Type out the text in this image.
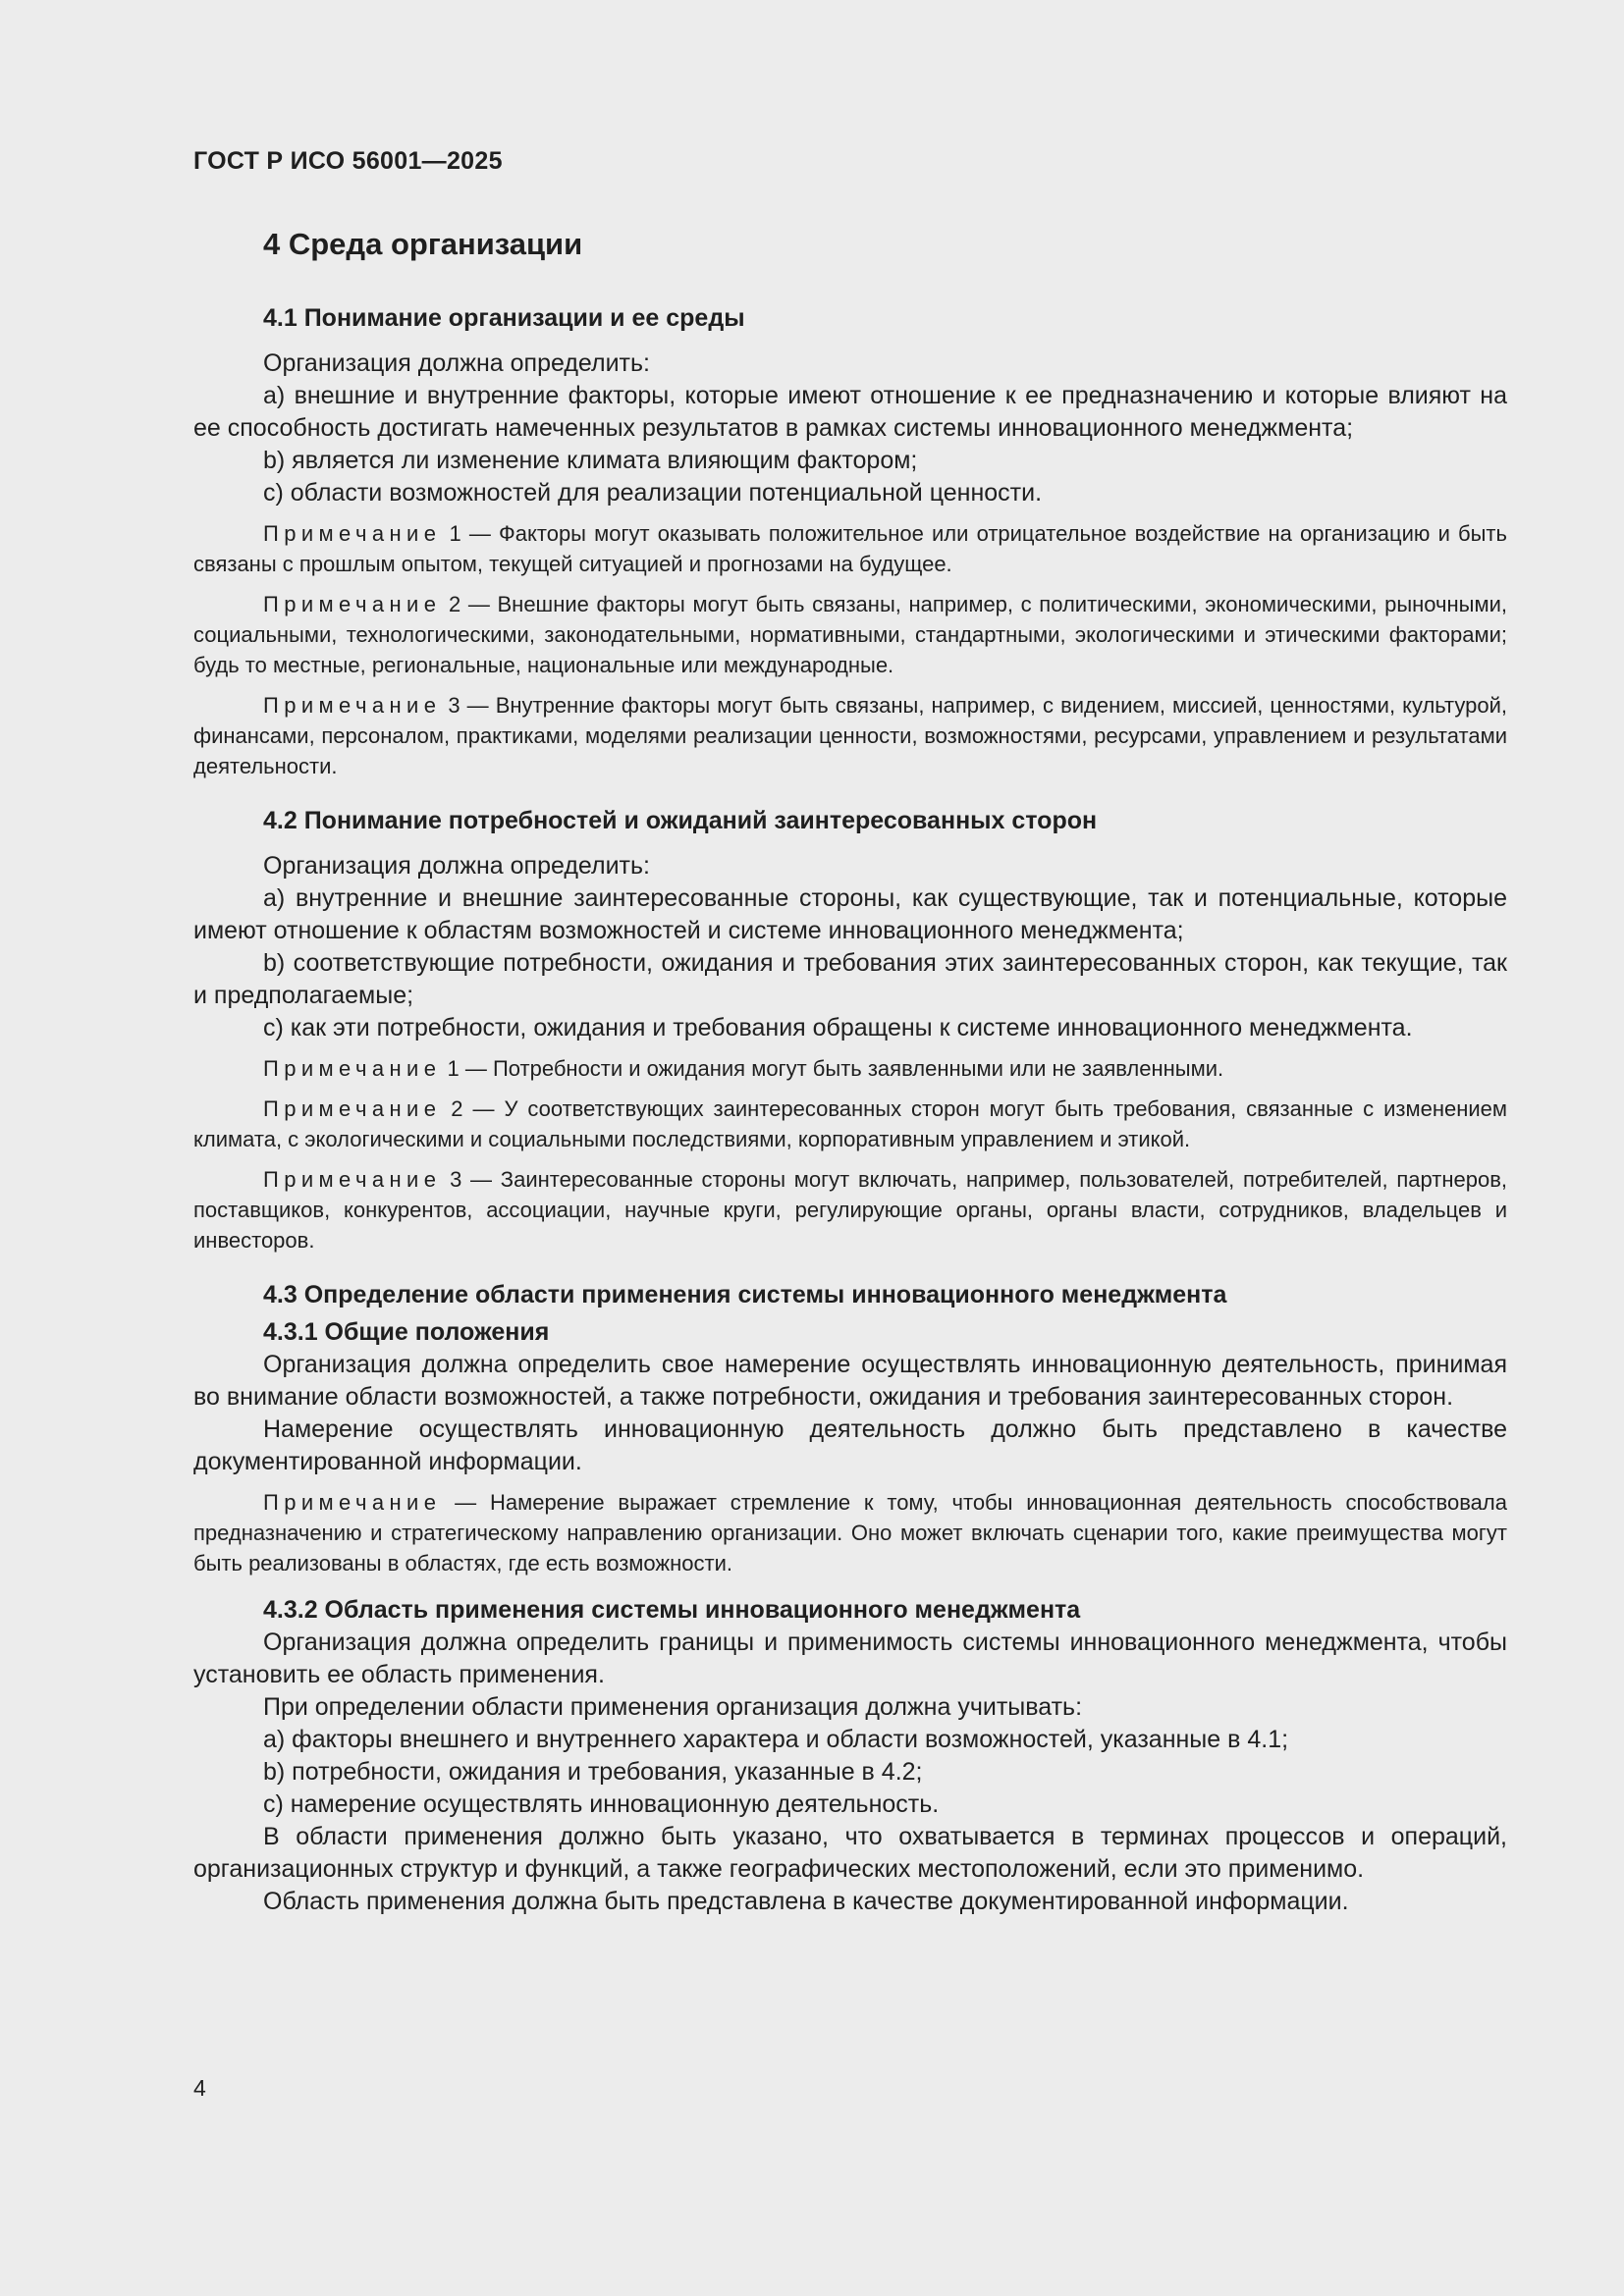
ГОСТ Р ИСО 56001—2025
4 Среда организации
4.1 Понимание организации и ее среды

Организация должна определить:

a) внешние и внутренние факторы, которые имеют отношение к ее предназначению и которые влияют на ее способность достигать намеченных результатов в рамках системы инновационного менеджмента;

b) является ли изменение климата влияющим фактором;

c) области возможностей для реализации потенциальной ценности.

Примечание 1 — Факторы могут оказывать положительное или отрицательное воздействие на организацию и быть связаны с прошлым опытом, текущей ситуацией и прогнозами на будущее.

Примечание 2 — Внешние факторы могут быть связаны, например, с политическими, экономическими, рыночными, социальными, технологическими, законодательными, нормативными, стандартными, экологическими и этическими факторами; будь то местные, региональные, национальные или международные.

Примечание 3 — Внутренние факторы могут быть связаны, например, с видением, миссией, ценностями, культурой, финансами, персоналом, практиками, моделями реализации ценности, возможностями, ресурсами, управлением и результатами деятельности.

4.2 Понимание потребностей и ожиданий заинтересованных сторон

Организация должна определить:

a) внутренние и внешние заинтересованные стороны, как существующие, так и потенциальные, которые имеют отношение к областям возможностей и системе инновационного менеджмента;

b) соответствующие потребности, ожидания и требования этих заинтересованных сторон, как текущие, так и предполагаемые;

c) как эти потребности, ожидания и требования обращены к системе инновационного менеджмента.

Примечание 1 — Потребности и ожидания могут быть заявленными или не заявленными.

Примечание 2 — У соответствующих заинтересованных сторон могут быть требования, связанные с изменением климата, с экологическими и социальными последствиями, корпоративным управлением и этикой.

Примечание 3 — Заинтересованные стороны могут включать, например, пользователей, потребителей, партнеров, поставщиков, конкурентов, ассоциации, научные круги, регулирующие органы, органы власти, сотрудников, владельцев и инвесторов.

4.3 Определение области применения системы инновационного менеджмента
4.3.1 Общие положения

Организация должна определить свое намерение осуществлять инновационную деятельность, принимая во внимание области возможностей, а также потребности, ожидания и требования заинтересованных сторон.

Намерение осуществлять инновационную деятельность должно быть представлено в качестве документированной информации.

Примечание — Намерение выражает стремление к тому, чтобы инновационная деятельность способствовала предназначению и стратегическому направлению организации. Оно может включать сценарии того, какие преимущества могут быть реализованы в областях, где есть возможности.

4.3.2 Область применения системы инновационного менеджмента

Организация должна определить границы и применимость системы инновационного менеджмента, чтобы установить ее область применения.

При определении области применения организация должна учитывать:

a) факторы внешнего и внутреннего характера и области возможностей, указанные в 4.1;

b) потребности, ожидания и требования, указанные в 4.2;

c) намерение осуществлять инновационную деятельность.

В области применения должно быть указано, что охватывается в терминах процессов и операций, организационных структур и функций, а также географических местоположений, если это применимо.

Область применения должна быть представлена в качестве документированной информации.

4
